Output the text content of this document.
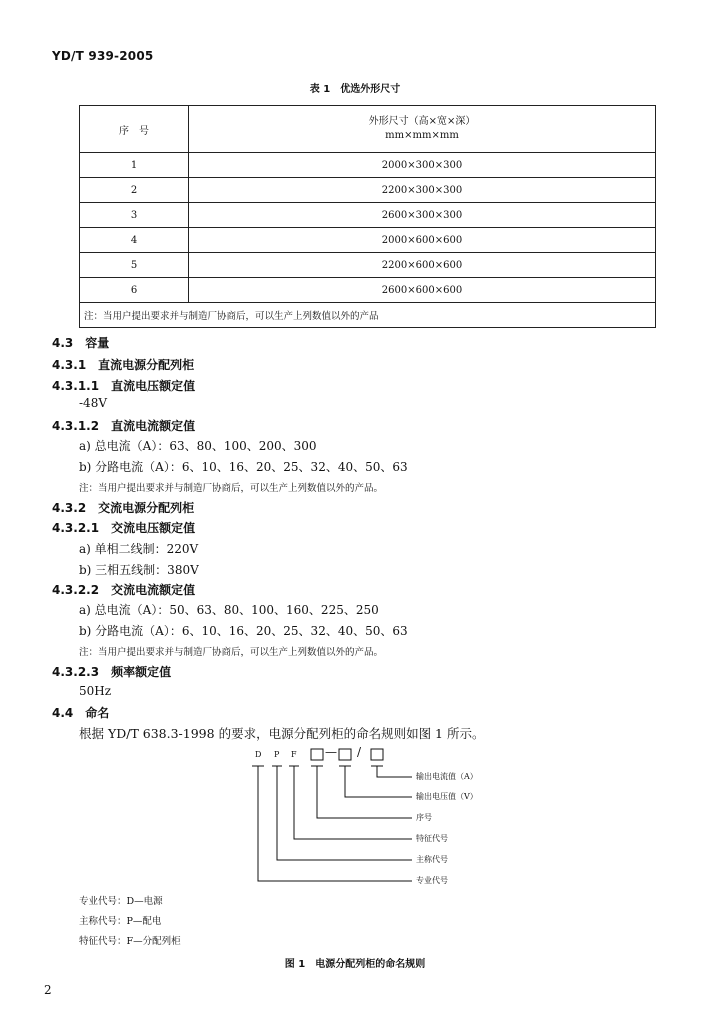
YD/T 939-2005
表 1　优选外形尺寸
序　号	外形尺寸（高×宽×深）
mm×mm×mm

1	2000×300×300
2	2200×300×300
3	2600×300×300
4	2000×600×600
5	2200×600×600
6	2600×600×600
注：当用户提出要求并与制造厂协商后，可以生产上列数值以外的产品	
4.3　容量
4.3.1　直流电源分配列柜
4.3.1.1　直流电压额定值
-48V
4.3.1.2　直流电流额定值
a) 总电流（A）：63、80、100、200、300
b) 分路电流（A）：6、10、16、20、25、32、40、50、63
注：当用户提出要求并与制造厂协商后，可以生产上列数值以外的产品。
4.3.2　交流电源分配列柜
4.3.2.1　交流电压额定值
a) 单相二线制：220V
b) 三相五线制：380V
4.3.2.2　交流电流额定值
a) 总电流（A）：50、63、80、100、160、225、250
b) 分路电流（A）：6、10、16、20、25、32、40、50、63
注：当用户提出要求并与制造厂协商后，可以生产上列数值以外的产品。
4.3.2.3　频率额定值
50Hz
4.4　命名
根据 YD/T 638.3-1998 的要求，电源分配列柜的命名规则如图 1 所示。
D P F — /
输出电流值（A）
输出电压值（V）
序号
特征代号
主称代号
专业代号
专业代号：D—电源
主称代号：P—配电
特征代号：F—分配列柜
图 1　电源分配列柜的命名规则
2
